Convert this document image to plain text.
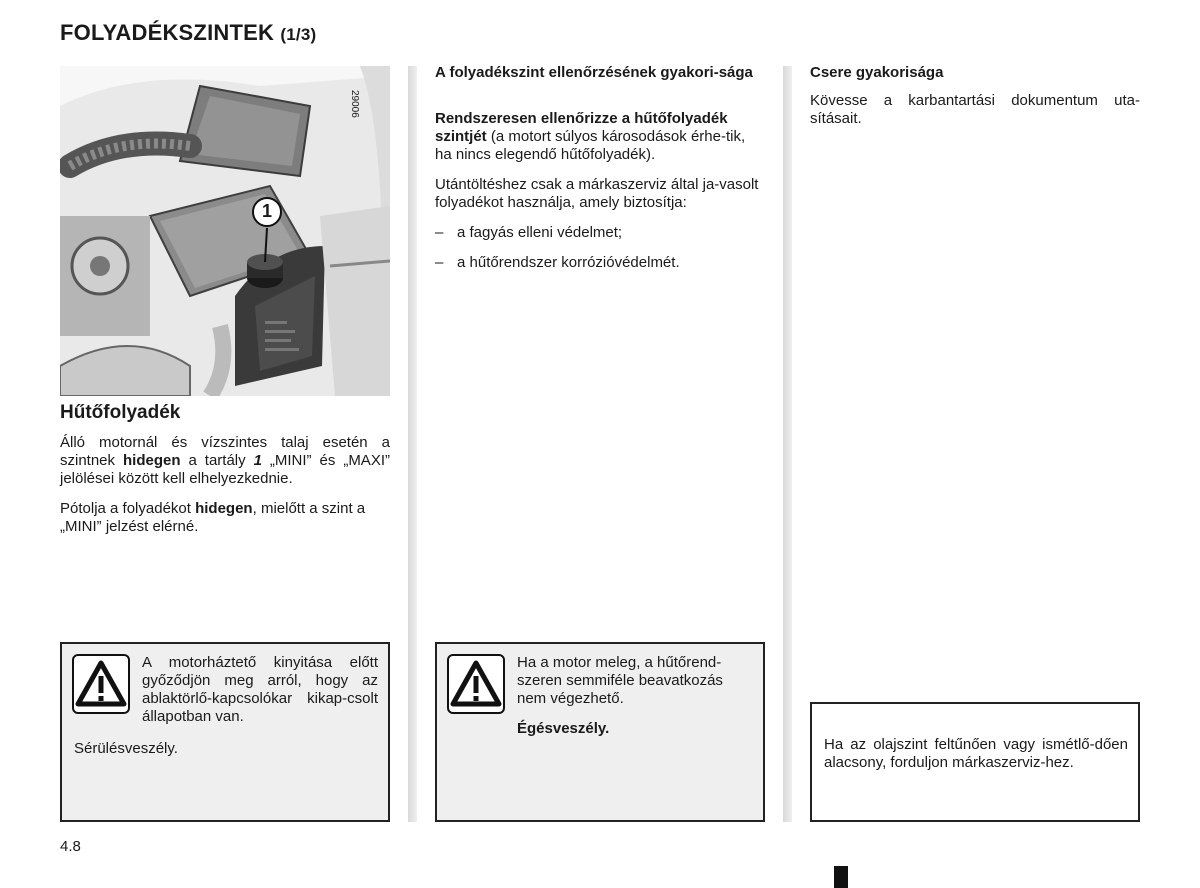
FOLYADÉKSZINTEK (1/3)
1
29006
Hűtőfolyadék
Álló motornál és vízszintes talaj esetén a szintnek hidegen a tartály 1 „MINI” és „MAXI” jelölései között kell elhelyezkednie.
Pótolja a folyadékot hidegen, mielőtt a szint a „MINI” jelzést elérné.
A motorháztető kinyitása előtt győződjön meg arról, hogy az ablaktörlő-kapcsolókar kikap-csolt állapotban van.
Sérülésveszély.
A folyadékszint ellenőrzésének gyakori-sága
Rendszeresen ellenőrizze a hűtőfolyadék szintjét (a motort súlyos károsodások érhe-tik, ha nincs elegendő hűtőfolyadék).
Utántöltéshez csak a márkaszerviz által ja-vasolt folyadékot használja, amely biztosítja:
– a fagyás elleni védelmet;
– a hűtőrendszer korrózióvédelmét.
Ha a motor meleg, a hűtőrend-szeren semmiféle beavatkozás nem végezhető.
Égésveszély.
Csere gyakorisága
Kövesse a karbantartási dokumentum uta-sításait.
Ha az olajszint feltűnően vagy ismétlő-dően alacsony, forduljon márkaszerviz-hez.
4.8
